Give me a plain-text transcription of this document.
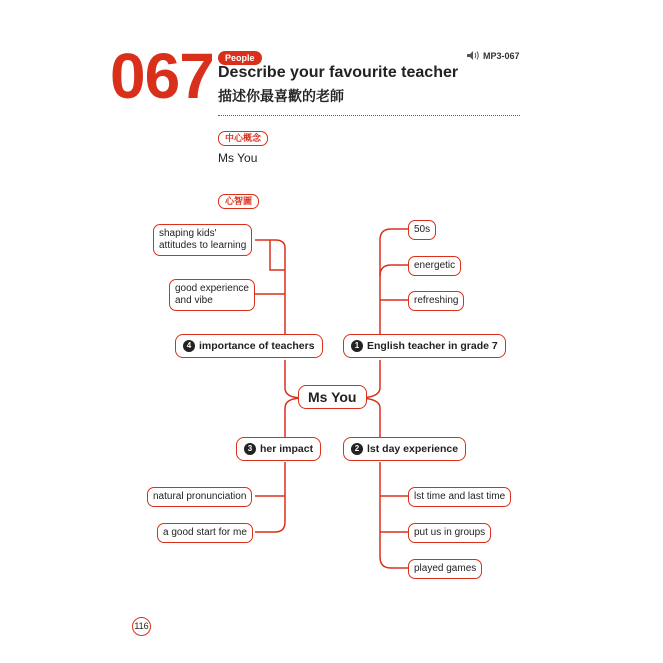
067	People
Describe your favourite teacher
描述你最喜歡的老師
MP3-067
中心概念
Ms You
心智圖
Ms You
1 English teacher in grade 7
50s
energetic
refreshing
4 importance of teachers
shaping kids'
attitudes to learning
good experience
and vibe
3 her impact
natural pronunciation
a good start for me
2 lst day experience
lst time and last time
put us in groups
played games
116
